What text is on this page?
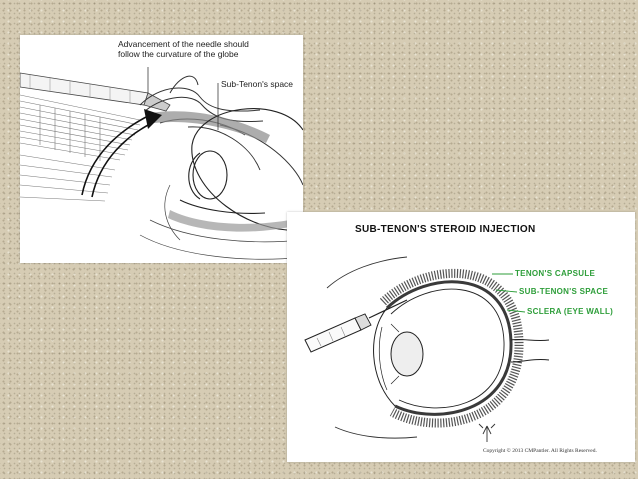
Advancement of the needle should
follow the curvature of the globe
Sub-Tenon's space
SUB-TENON'S STEROID INJECTION
TENON'S CAPSULE
SUB-TENON'S SPACE
SCLERA (EYE WALL)
Copyright © 2013 CMPantler. All Rights Reserved.
